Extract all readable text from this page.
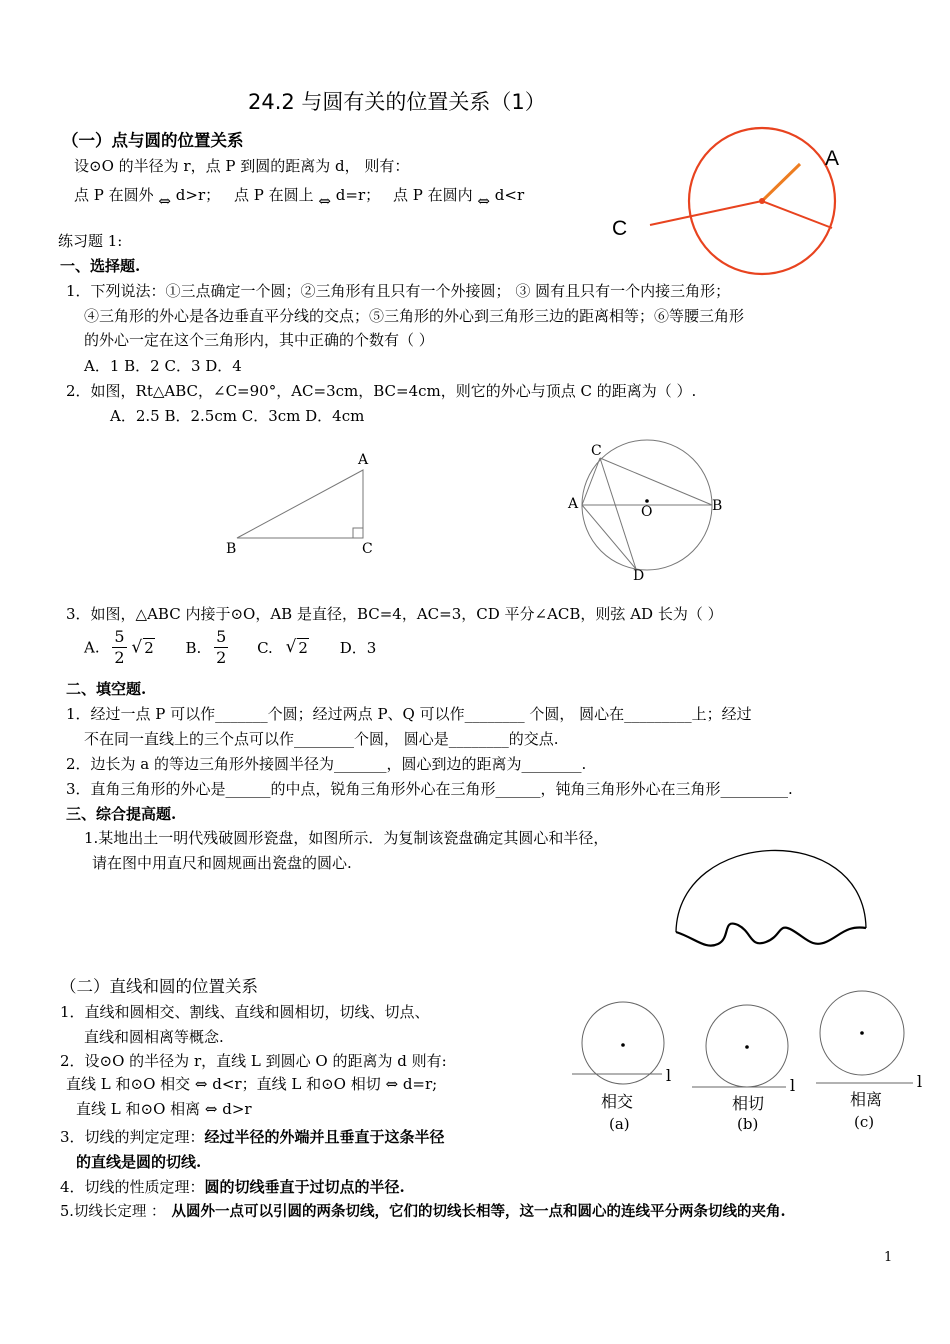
24.2 与圆有关的位置关系（1）
（一）点与圆的位置关系
设⊙O 的半径为 r，点 P 到圆的距离为 d， 则有：
点 P 在圆外 ⇔ d>r； 点 P 在圆上 ⇔ d=r； 点 P 在圆内 ⇔ d<r
A
C
练习题 1:
一、选择题.
1．下列说法：①三点确定一个圆；②三角形有且只有一个外接圆； ③ 圆有且只有一个内接三角形；
④三角形的外心是各边垂直平分线的交点；⑤三角形的外心到三角形三边的距离相等；⑥等腰三角形
的外心一定在这个三角形内，其中正确的个数有（ ）
A．1 B．2 C．3 D．4
2．如图，Rt△ABC，∠C=90°，AC=3cm，BC=4cm，则它的外心与顶点 C 的距离为（ ）.
A．2.5 B．2.5cm C．3cm D．4cm
A
B	C
C
A	O	B
D
3．如图，△ABC 内接于⊙O，AB 是直径，BC=4，AC=3，CD 平分∠ACB，则弦 AD 长为（ ）
A. $\frac{5}{2}$ √ 2 B. $\frac{5}{2} C$. √ 2 D．3
二、填空题.
1．经过一点 P 可以作_______个圆；经过两点 P、Q 可以作________ 个圆， 圆心在_________上；经过
不在同一直线上的三个点可以作________个圆， 圆心是________的交点.
2．边长为 a 的等边三角形外接圆半径为_______，圆心到边的距离为________.
3．直角三角形的外心是______的中点，锐角三角形外心在三角形______，钝角三角形外心在三角形_________.
三、综合提高题.
1.某地出土一明代残破圆形瓷盘，如图所示．为复制该瓷盘确定其圆心和半径，
请在图中用直尺和圆规画出瓷盘的圆心.
（二）直线和圆的位置关系
1．直线和圆相交、割线、直线和圆相切，切线、切点、
直线和圆相离等概念.
2．设⊙O 的半径为 r，直线 L 到圆心 O 的距离为 d 则有:
直线 L 和⊙O 相交 ⇔ d<r；直线 L 和⊙O 相切 ⇔ d=r;
直线 L 和⊙O 相离 ⇔ d>r
3．切线的判定定理：经过半径的外端并且垂直于这条半径
的直线是圆的切线.
4．切线的性质定理：圆的切线垂直于过切点的半径.
5.切线长定理 ： 从圆外一点可以引圆的两条切线，它们的切线长相等，这一点和圆心的连线平分两条切线的夹角.
l
l	l
相交
(a)
相切
(b)
相离
(c)
1
